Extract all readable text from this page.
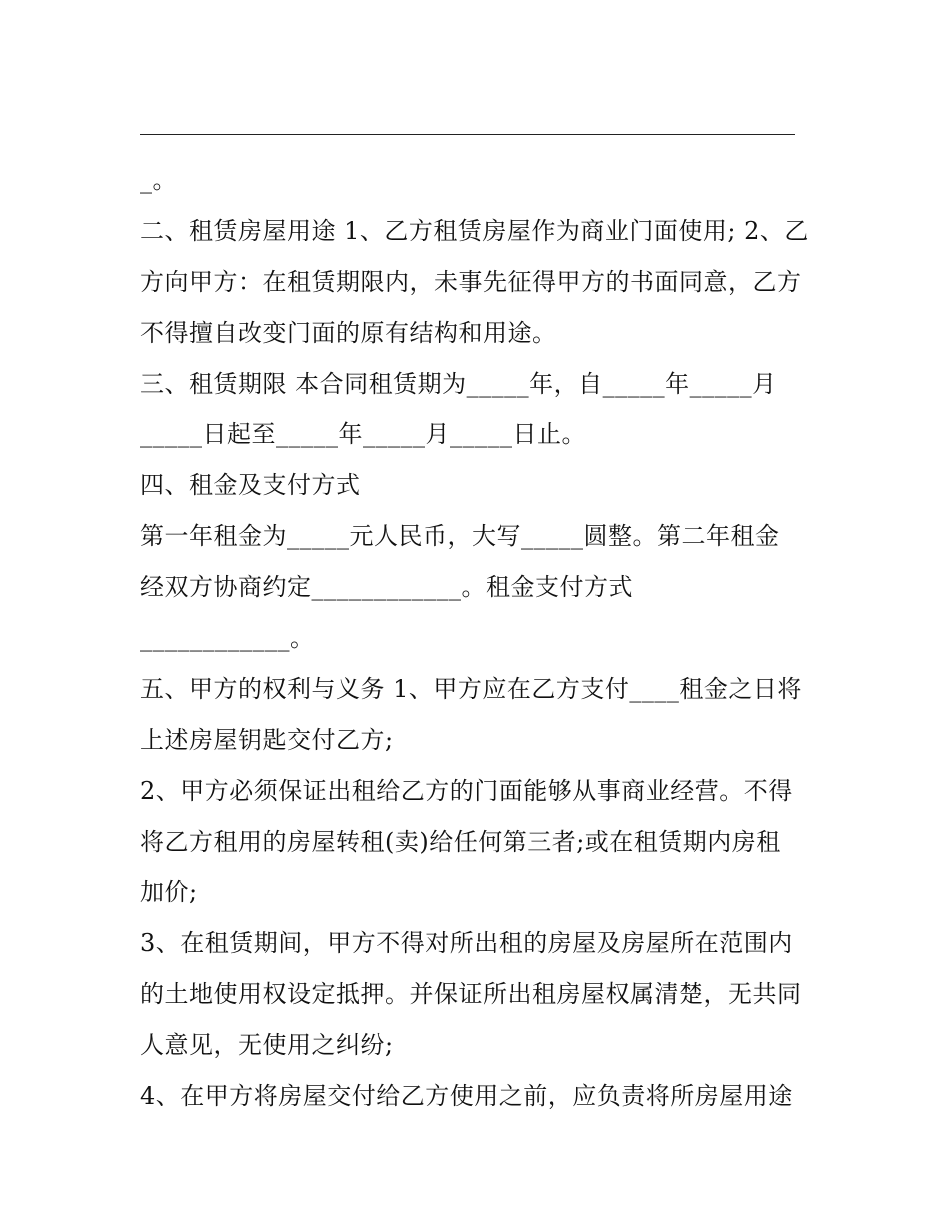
_。
二、租赁房屋用途 1、乙方租赁房屋作为商业门面使用; 2、乙
方向甲方：在租赁期限内，未事先征得甲方的书面同意，乙方
不得擅自改变门面的原有结构和用途。
三、租赁期限 本合同租赁期为_____年，自_____年_____月
_____日起至_____年_____月_____日止。
四、租金及支付方式
第一年租金为_____元人民币，大写_____圆整。第二年租金
经双方协商约定____________。租金支付方式
____________。
五、甲方的权利与义务 1、甲方应在乙方支付____租金之日将
上述房屋钥匙交付乙方;
2、甲方必须保证出租给乙方的门面能够从事商业经营。不得
将乙方租用的房屋转租(卖)给任何第三者;或在租赁期内房租
加价;
3、在租赁期间，甲方不得对所出租的房屋及房屋所在范围内
的土地使用权设定抵押。并保证所出租房屋权属清楚，无共同
人意见，无使用之纠纷;
4、在甲方将房屋交付给乙方使用之前，应负责将所房屋用途
